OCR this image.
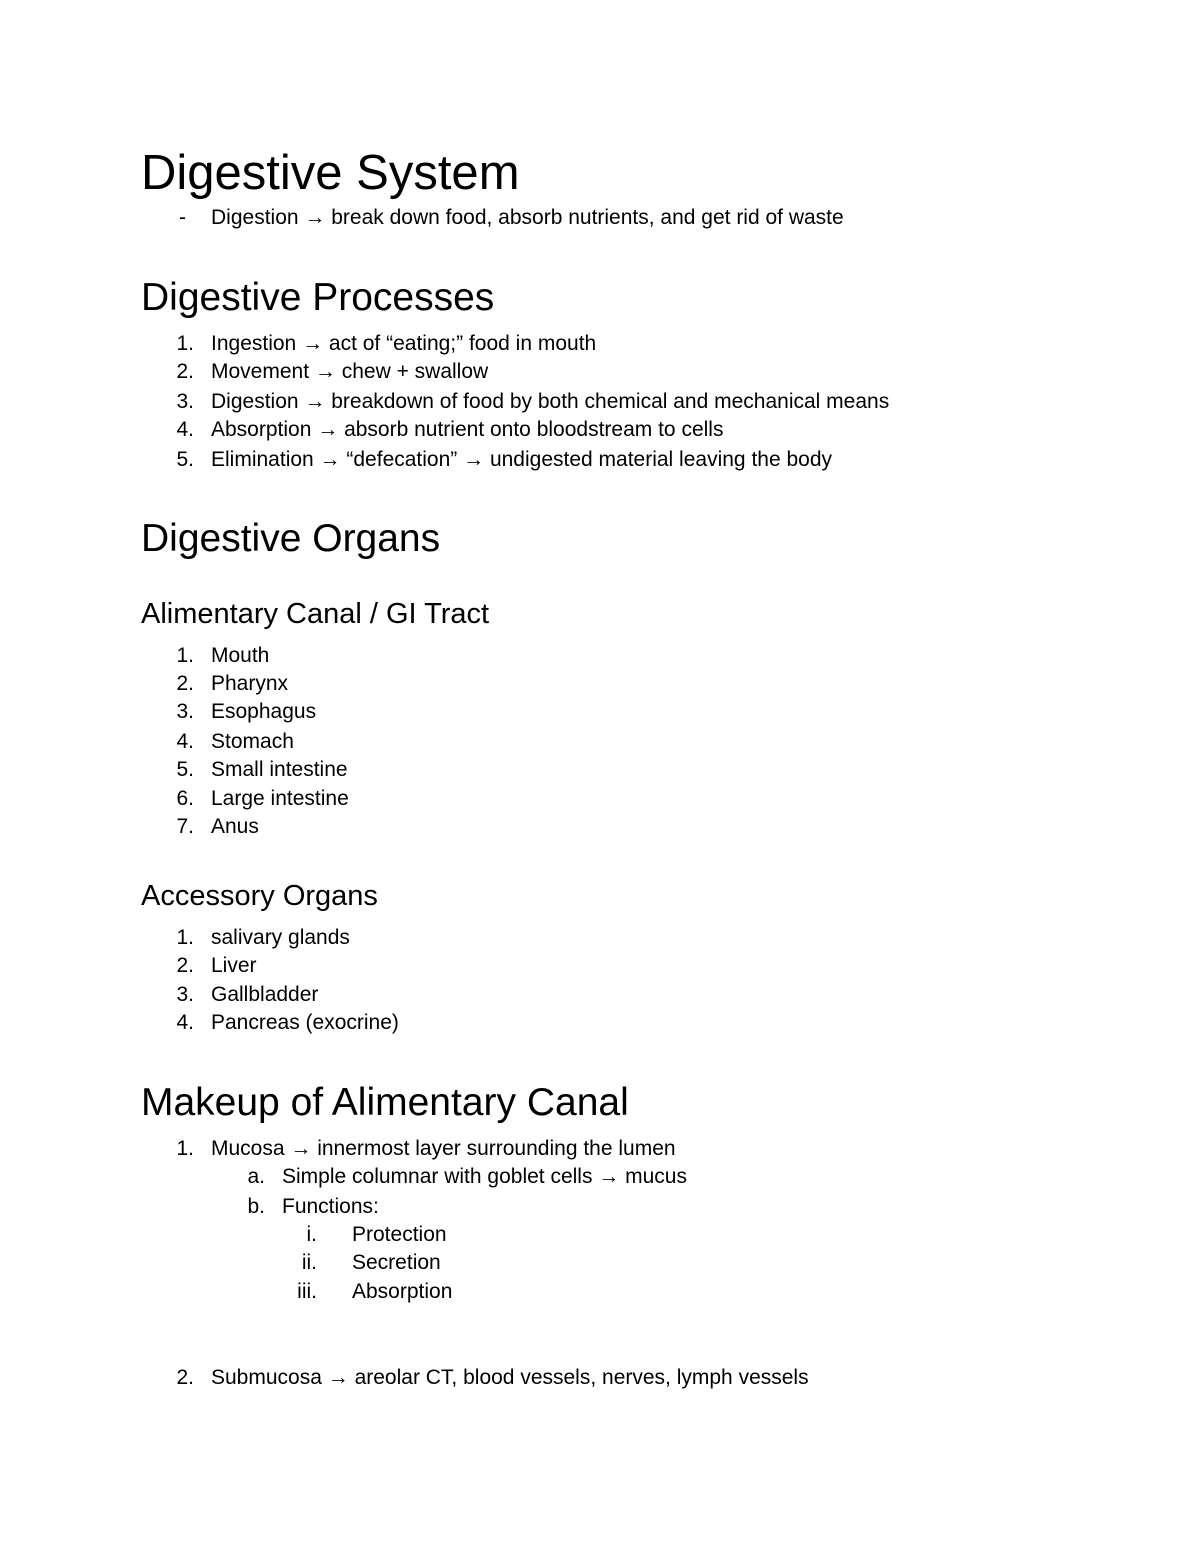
Digestive System
- Digestion → break down food, absorb nutrients, and get rid of waste
Digestive Processes
1. Ingestion → act of “eating;” food in mouth
2. Movement → chew + swallow
3. Digestion → breakdown of food by both chemical and mechanical means
4. Absorption → absorb nutrient onto bloodstream to cells
5. Elimination → “defecation” → undigested material leaving the body
Digestive Organs
Alimentary Canal / GI Tract
1. Mouth
2. Pharynx
3. Esophagus
4. Stomach
5. Small intestine
6. Large intestine
7. Anus
Accessory Organs
1. salivary glands
2. Liver
3. Gallbladder
4. Pancreas (exocrine)
Makeup of Alimentary Canal
1. Mucosa → innermost layer surrounding the lumen
a. Simple columnar with goblet cells → mucus
b. Functions:
i. Protection
ii. Secretion
iii. Absorption
2. Submucosa → areolar CT, blood vessels, nerves, lymph vessels
